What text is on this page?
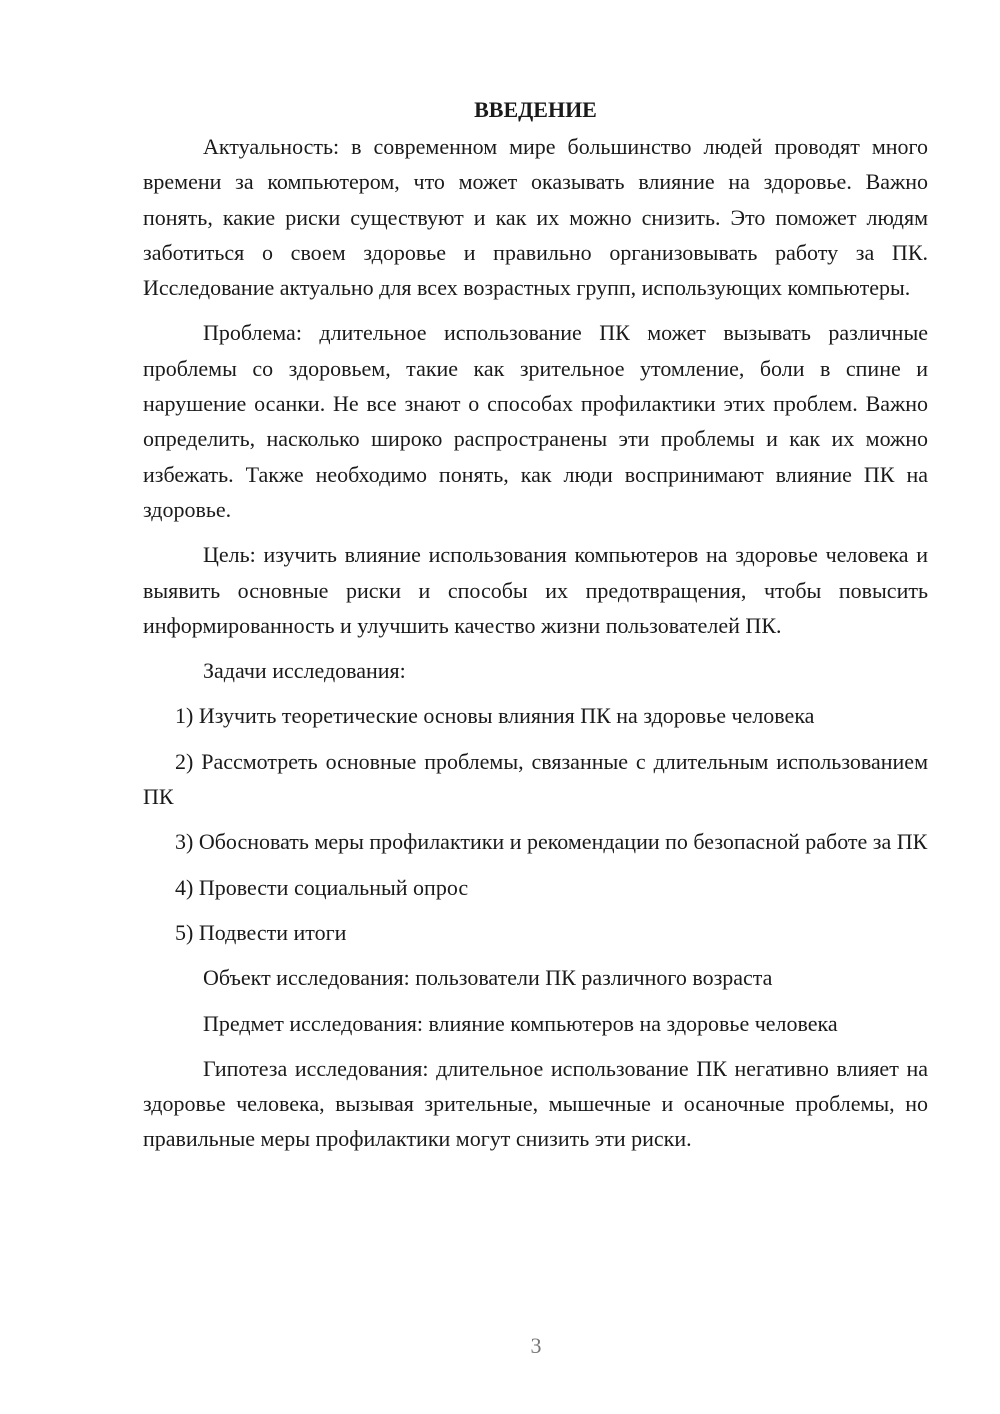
ВВЕДЕНИЕ

Актуальность: в современном мире большинство людей проводят много времени за компьютером, что может оказывать влияние на здоровье. Важно понять, какие риски существуют и как их можно снизить. Это поможет людям заботиться о своем здоровье и правильно организовывать работу за ПК. Исследование актуально для всех возрастных групп, использующих компьютеры.

Проблема: длительное использование ПК может вызывать различные проблемы со здоровьем, такие как зрительное утомление, боли в спине и нарушение осанки. Не все знают о способах профилактики этих проблем. Важно определить, насколько широко распространены эти проблемы и как их можно избежать. Также необходимо понять, как люди воспринимают влияние ПК на здоровье.

Цель: изучить влияние использования компьютеров на здоровье человека и выявить основные риски и способы их предотвращения, чтобы повысить информированность и улучшить качество жизни пользователей ПК.

Задачи исследования:

1) Изучить теоретические основы влияния ПК на здоровье человека

2) Рассмотреть основные проблемы, связанные с длительным использованием ПК

3) Обосновать меры профилактики и рекомендации по безопасной работе за ПК

4) Провести социальный опрос

5) Подвести итоги

Объект исследования: пользователи ПК различного возраста

Предмет исследования: влияние компьютеров на здоровье человека

Гипотеза исследования: длительное использование ПК негативно влияет на здоровье человека, вызывая зрительные, мышечные и осаночные проблемы, но правильные меры профилактики могут снизить эти риски.

3
